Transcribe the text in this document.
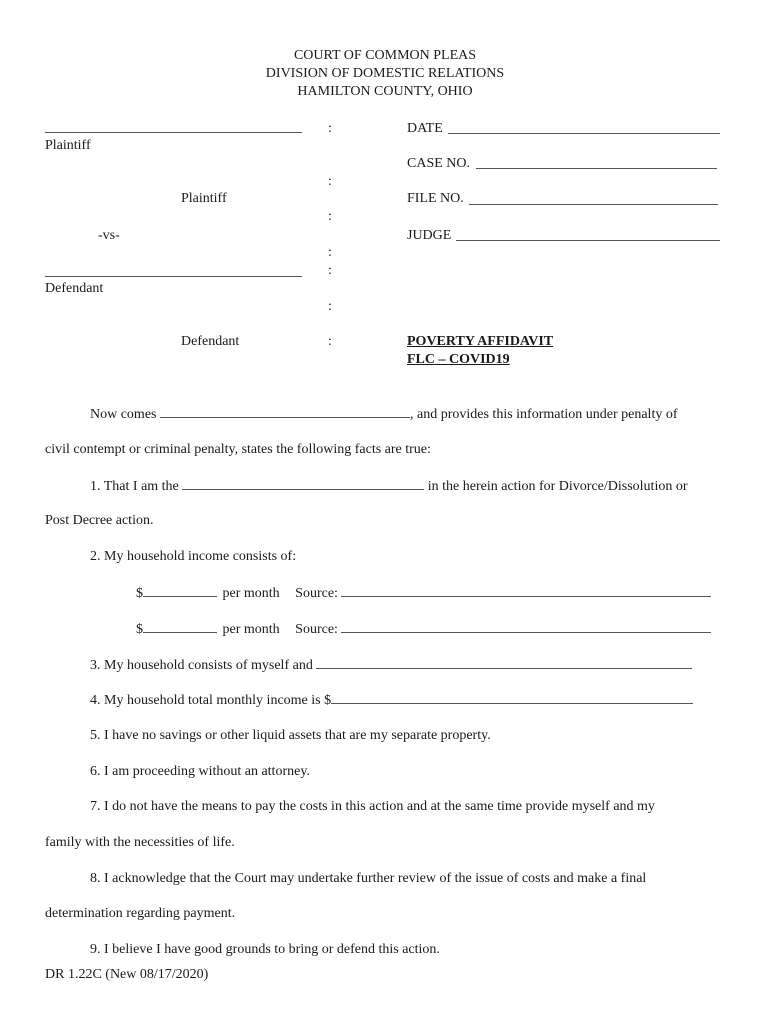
COURT OF COMMON PLEAS
DIVISION OF DOMESTIC RELATIONS
HAMILTON COUNTY, OHIO
Plaintiff
Plaintiff
-vs-
Defendant
Defendant
:
:
:
:
:
:
:
DATE
CASE NO.
FILE NO.
JUDGE
POVERTY AFFIDAVIT
FLC – COVID19
Now comes	, and provides this information under penalty of
civil contempt or criminal penalty, states the following facts are true:
1. That I am the	in the herein action for Divorce/Dissolution or
Post Decree action.
2. My household income consists of:
$	per month Source:
$	per month Source:
3. My household consists of myself and
4. My household total monthly income is $
5. I have no savings or other liquid assets that are my separate property.
6. I am proceeding without an attorney.
7. I do not have the means to pay the costs in this action and at the same time provide myself and my
family with the necessities of life.
8. I acknowledge that the Court may undertake further review of the issue of costs and make a final
determination regarding payment.
9. I believe I have good grounds to bring or defend this action.
DR 1.22C (New 08/17/2020)
